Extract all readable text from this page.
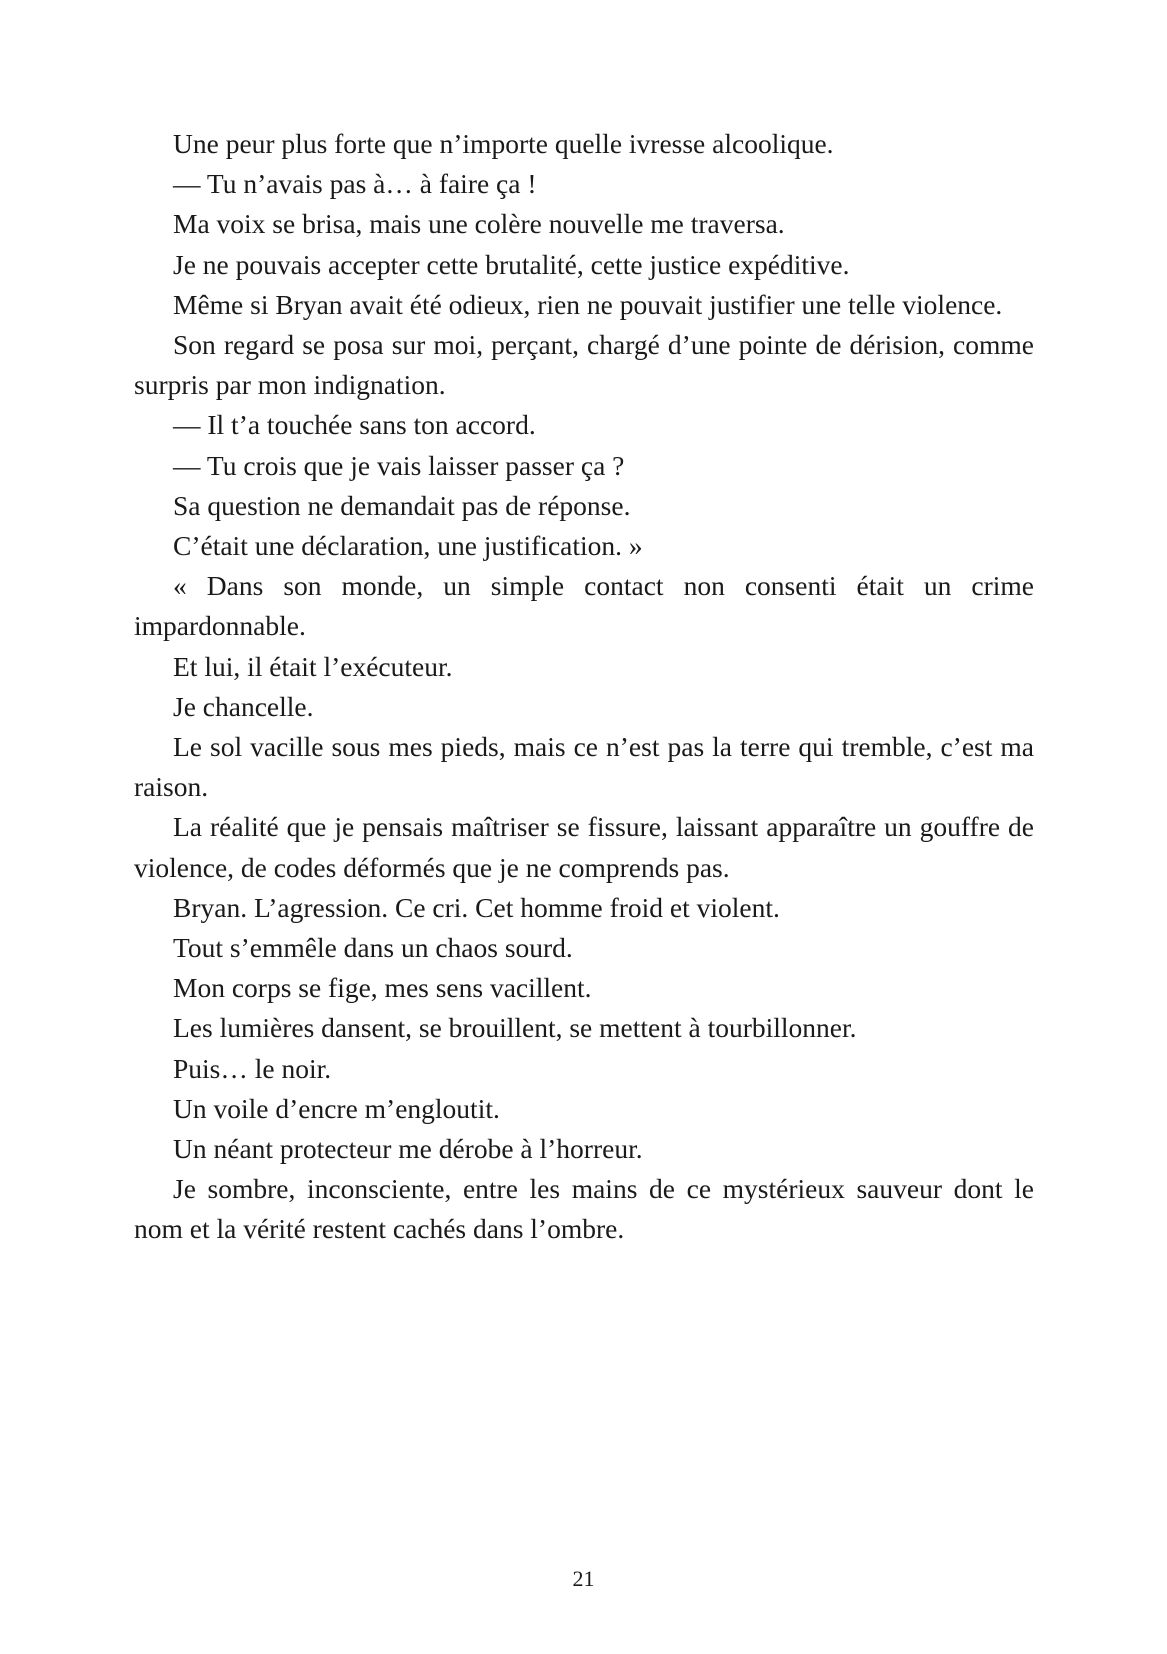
Une peur plus forte que n’importe quelle ivresse alcoolique.

— Tu n’avais pas à… à faire ça !

Ma voix se brisa, mais une colère nouvelle me traversa.

Je ne pouvais accepter cette brutalité, cette justice expéditive.

Même si Bryan avait été odieux, rien ne pouvait justifier une telle violence.

Son regard se posa sur moi, perçant, chargé d’une pointe de dérision, comme surpris par mon indignation.

— Il t’a touchée sans ton accord.

— Tu crois que je vais laisser passer ça ?

Sa question ne demandait pas de réponse.

C’était une déclaration, une justification. »

« Dans son monde, un simple contact non consenti était un crime impardonnable.

Et lui, il était l’exécuteur.

Je chancelle.

Le sol vacille sous mes pieds, mais ce n’est pas la terre qui tremble, c’est ma raison.

La réalité que je pensais maîtriser se fissure, laissant apparaître un gouffre de violence, de codes déformés que je ne comprends pas.

Bryan. L’agression. Ce cri. Cet homme froid et violent.

Tout s’emmêle dans un chaos sourd.

Mon corps se fige, mes sens vacillent.

Les lumières dansent, se brouillent, se mettent à tourbillonner.

Puis… le noir.

Un voile d’encre m’engloutit.

Un néant protecteur me dérobe à l’horreur.

Je sombre, inconsciente, entre les mains de ce mystérieux sauveur dont le nom et la vérité restent cachés dans l’ombre.

21
